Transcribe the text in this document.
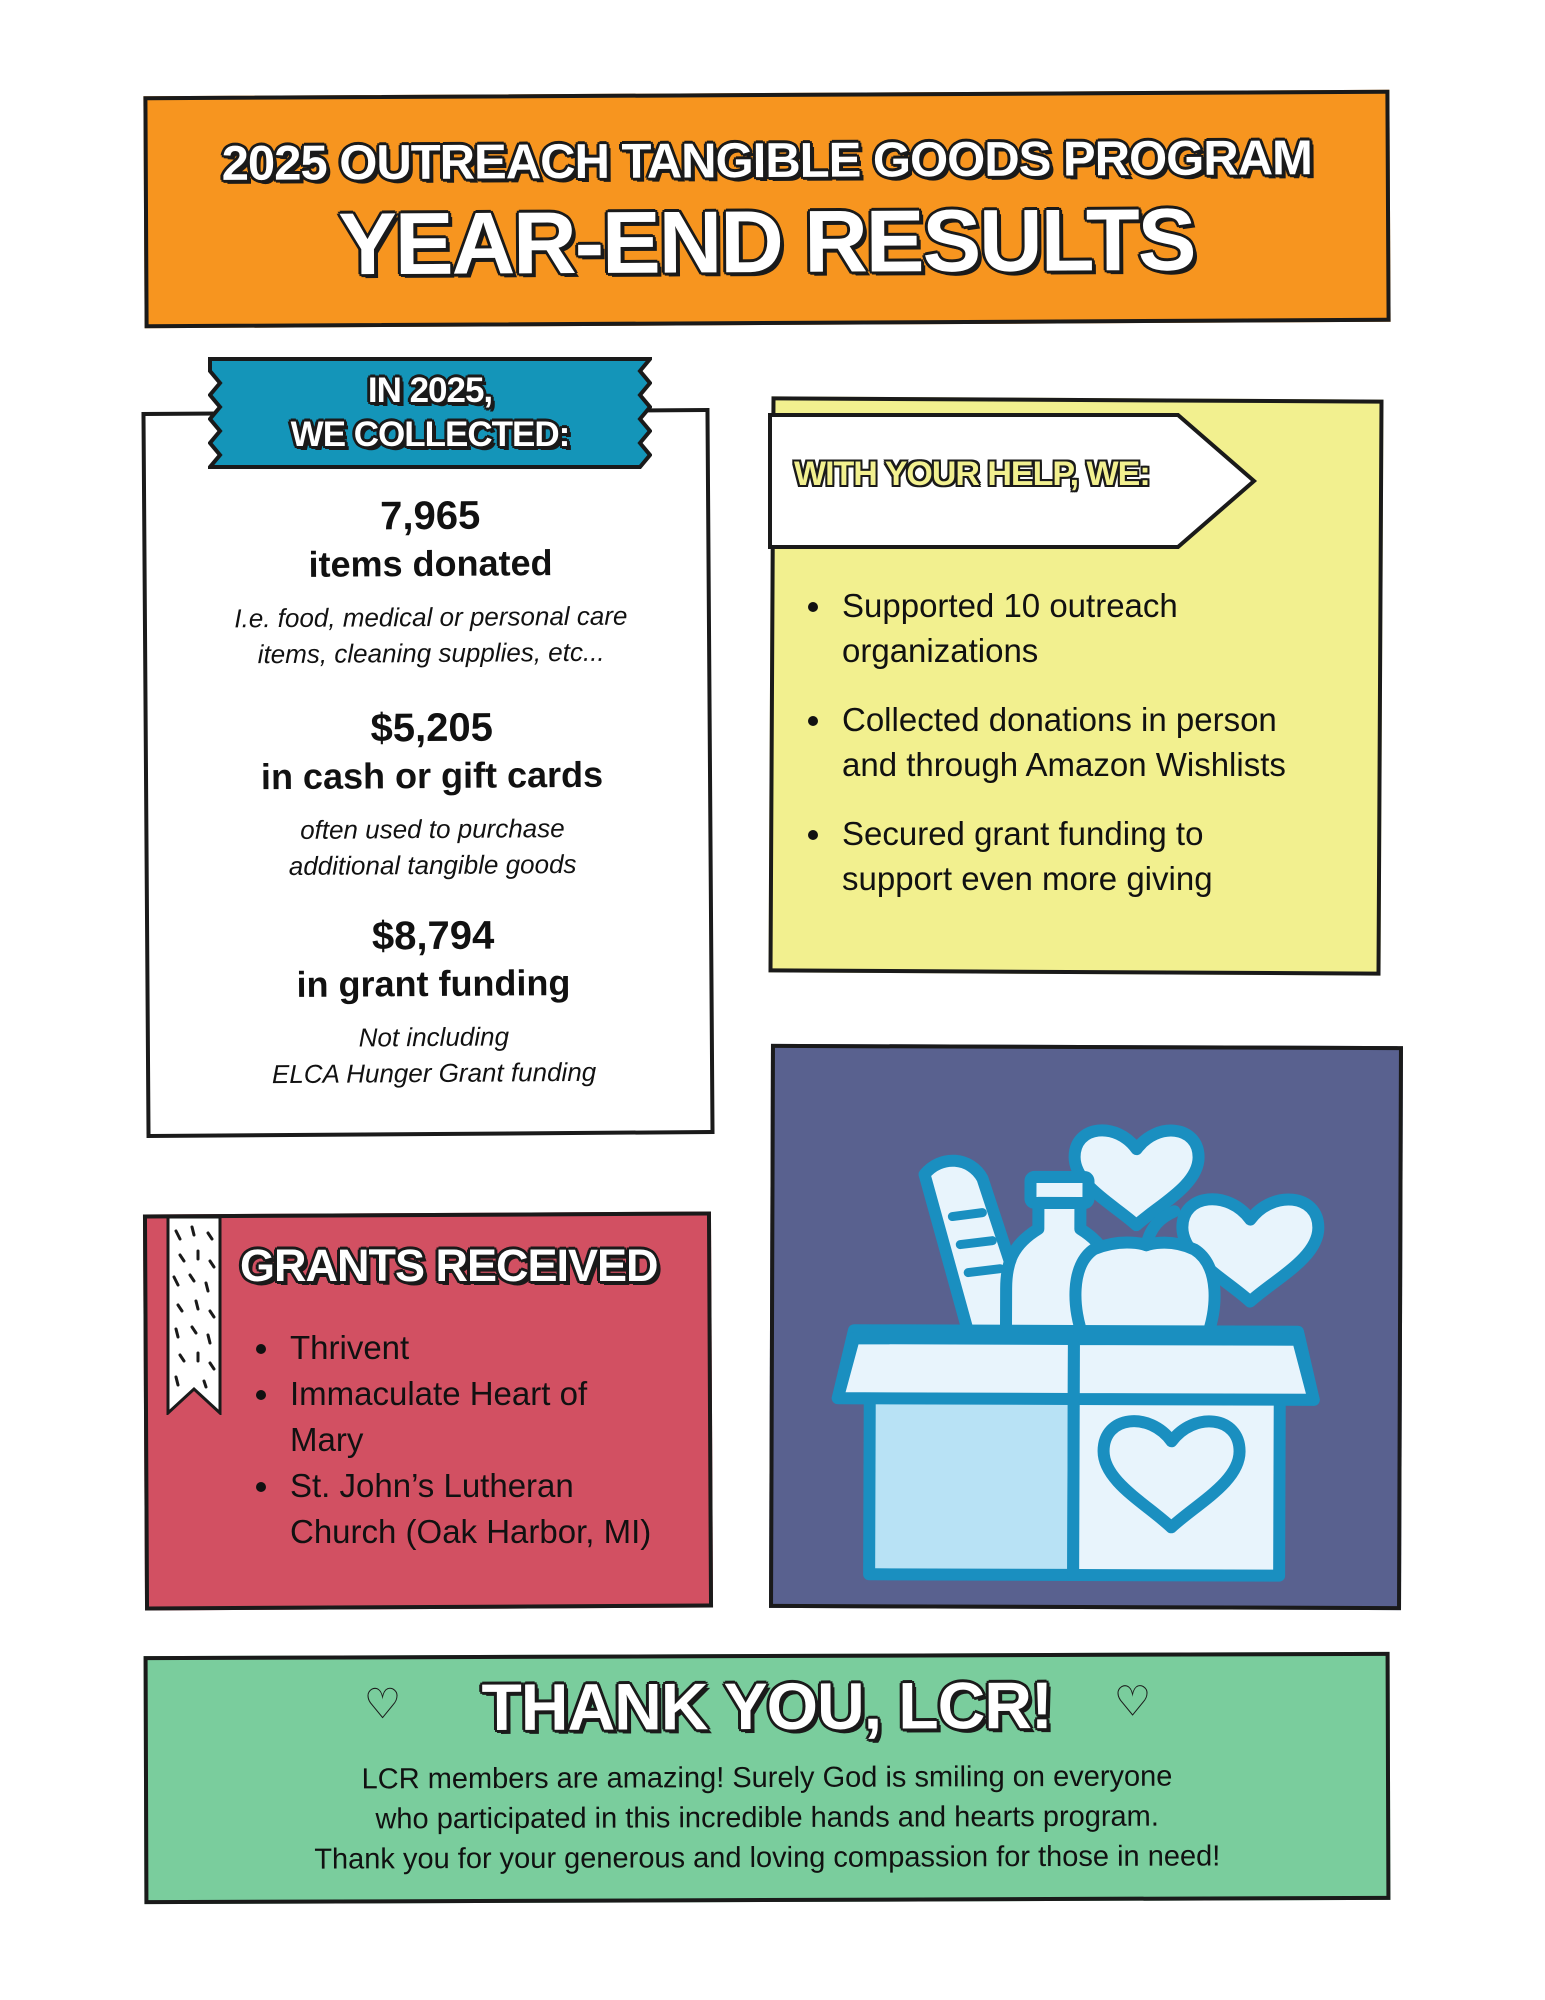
2025 OUTREACH TANGIBLE GOODS PROGRAM
YEAR-END RESULTS
7,965
items donated
I.e. food, medical or personal care
items, cleaning supplies, etc...
$5,205
in cash or gift cards
often used to purchase
additional tangible goods
$8,794
in grant funding
Not including
ELCA Hunger Grant funding
IN 2025,
WE COLLECTED:
WITH YOUR HELP, WE:
Supported 10 outreach
organizations
Collected donations in person
and through Amazon Wishlists
Secured grant funding to
support even more giving
GRANTS RECEIVED
Thrivent
Immaculate Heart of
Mary
St. John’s Lutheran
Church (Oak Harbor, MI)
♡	♡
THANK YOU, LCR!
LCR members are amazing! Surely God is smiling on everyone
who participated in this incredible hands and hearts program.
Thank you for your generous and loving compassion for those in need!
